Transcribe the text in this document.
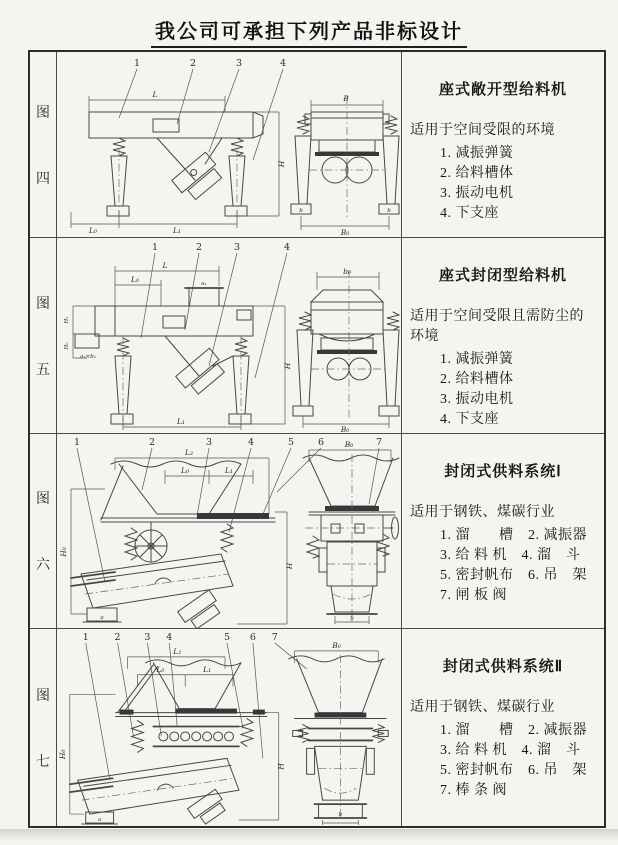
我公司可承担下列产品非标设计
图
四
1	2	3	4
L
H
L₀	L₁
B
b	b
B₀
座式敞开型给料机
适用于空间受限的环境
1. 减振弹簧
2. 给料槽体
3. 振动电机
4. 下支座
图
五
1	2	3	4
L
L₀	a₁
a₂×b₂
H₁
H₀
H
L₁
b₀
B₀
座式封闭型给料机
适用于空间受限且需防尘的环境
1. 减振弹簧
2. 给料槽体
3. 振动电机
4. 下支座
图
六
1	2	3	4	5	6	7
L₂
L₀	L₁
a
H₀
H
B₀
b
封闭式供料系统Ⅰ
适用于钢铁、煤碳行业
1. 溜　　槽　2. 减振器
3. 给 料 机　4. 溜　斗
5. 密封帆布　6. 吊　架
7. 闸 板 阀
图
七
1	2	3 4	5 6 7
L₂
L₀	L₁
a
H₀
H
B₀
b
封闭式供料系统Ⅱ
适用于钢铁、煤碳行业
1. 溜　　槽　2. 减振器
3. 给 料 机　4. 溜　斗
5. 密封帆布　6. 吊　架
7. 棒 条 阀
